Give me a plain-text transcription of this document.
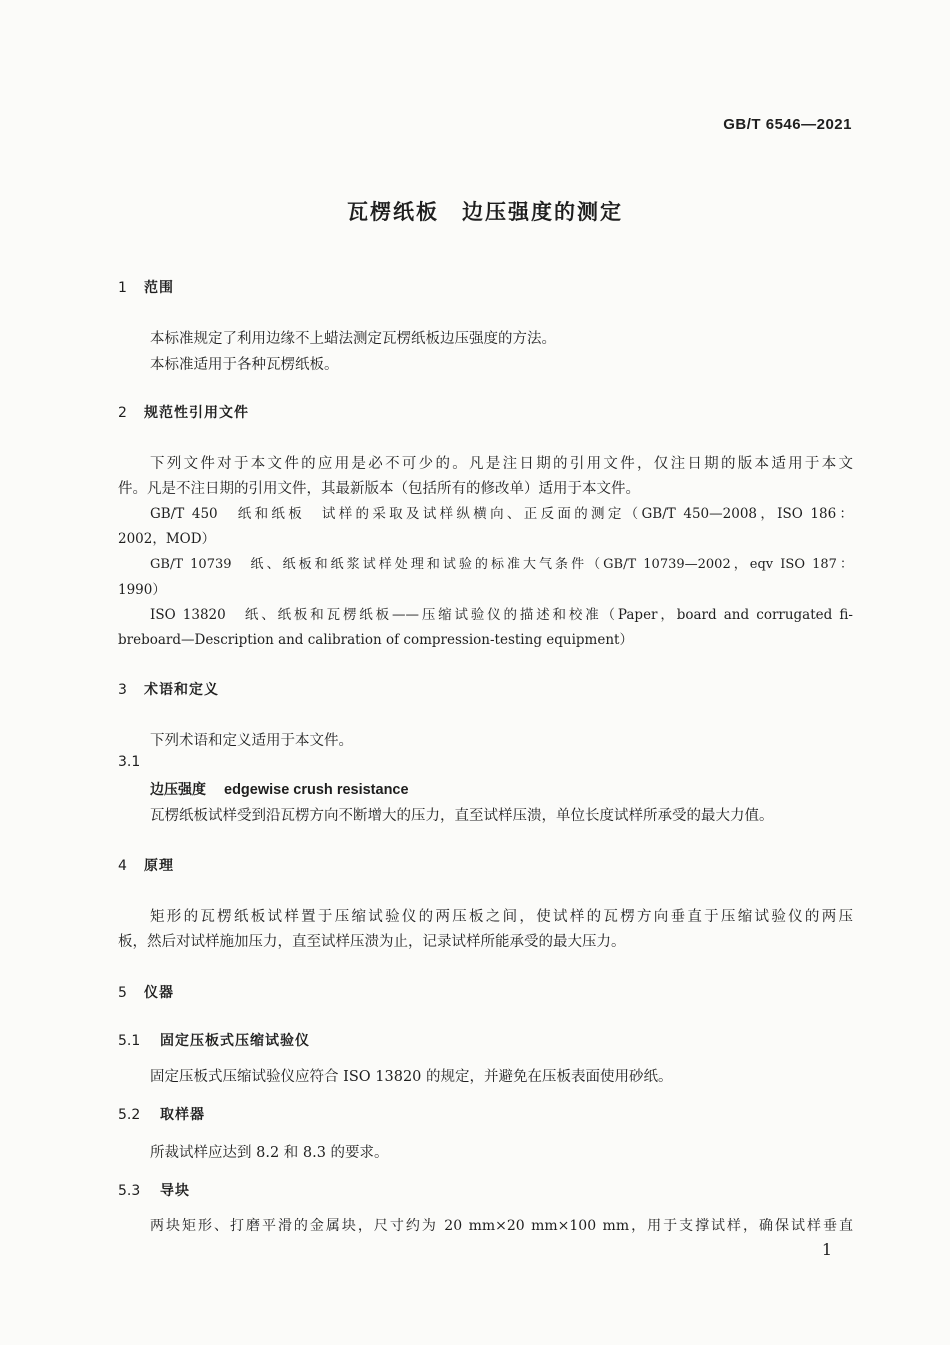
GB/T 6546—2021
瓦楞纸板　边压强度的测定
1 范围
本标准规定了利用边缘不上蜡法测定瓦楞纸板边压强度的方法。
本标准适用于各种瓦楞纸板。
2 规范性引用文件
下列文件对于本文件的应用是必不可少的。凡是注日期的引用文件，仅注日期的版本适用于本文
件。凡是不注日期的引用文件，其最新版本（包括所有的修改单）适用于本文件。
GB/T 450　纸和纸板　试样的采取及试样纵横向、正反面的测定（GB/T 450—2008，ISO 186：
2002，MOD）
GB/T 10739　纸、纸板和纸浆试样处理和试验的标准大气条件（GB/T 10739—2002，eqv ISO 187：
1990）
ISO 13820　纸、纸板和瓦楞纸板——压缩试验仪的描述和校准（Paper，board and corrugated fi-
breboard—Description and calibration of compression-testing equipment）
3 术语和定义
下列术语和定义适用于本文件。
3.1
边压强度 edgewise crush resistance
瓦楞纸板试样受到沿瓦楞方向不断增大的压力，直至试样压溃，单位长度试样所承受的最大力值。
4 原理
矩形的瓦楞纸板试样置于压缩试验仪的两压板之间，使试样的瓦楞方向垂直于压缩试验仪的两压
板，然后对试样施加压力，直至试样压溃为止，记录试样所能承受的最大压力。
5 仪器
5.1 固定压板式压缩试验仪
固定压板式压缩试验仪应符合 ISO 13820 的规定，并避免在压板表面使用砂纸。
5.2 取样器
所裁试样应达到 8.2 和 8.3 的要求。
5.3 导块
两块矩形、打磨平滑的金属块，尺寸约为 20 mm×20 mm×100 mm，用于支撑试样，确保试样垂直
1
